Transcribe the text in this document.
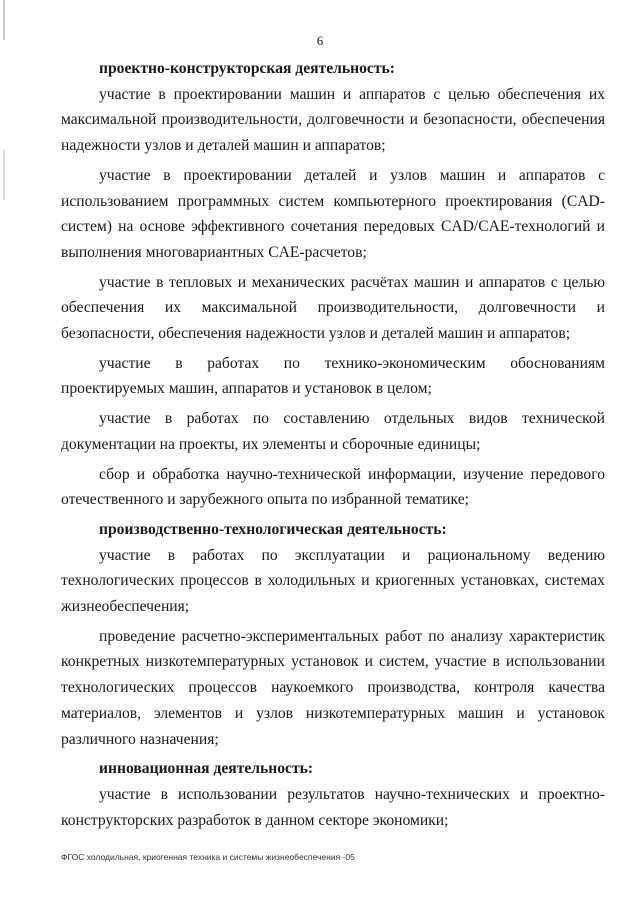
6

проектно-конструкторская деятельность:

участие в проектировании машин и аппаратов с целью обеспечения их максимальной производительности, долговечности и безопасности, обеспечения надежности узлов и деталей машин и аппаратов;

участие в проектировании деталей и узлов машин и аппаратов с использованием программных систем компьютерного проектирования (CAD-систем) на основе эффективного сочетания передовых CAD/CAE-технологий и выполнения многовариантных CAE-расчетов;

участие в тепловых и механических расчётах машин и аппаратов с целью обеспечения их максимальной производительности, долговечности и безопасности, обеспечения надежности узлов и деталей машин и аппаратов;

участие в работах по технико-экономическим обоснованиям проектируемых машин, аппаратов и установок в целом;

участие в работах по составлению отдельных видов технической документации на проекты, их элементы и сборочные единицы;

сбор и обработка научно-технической информации, изучение передового отечественного и зарубежного опыта по избранной тематике;

производственно-технологическая деятельность:

участие в работах по эксплуатации и рациональному ведению технологических процессов в холодильных и криогенных установках, системах жизнеобеспечения;

проведение расчетно-экспериментальных работ по анализу характеристик конкретных низкотемпературных установок и систем, участие в использовании технологических процессов наукоемкого производства, контроля качества материалов, элементов и узлов низкотемпературных машин и установок различного назначения;

инновационная деятельность:

участие в использовании результатов научно-технических и проектно-конструкторских разработок в данном секторе экономики;

ФГОС холодильная, криогенная техника и системы жизнеобеспечения -05
